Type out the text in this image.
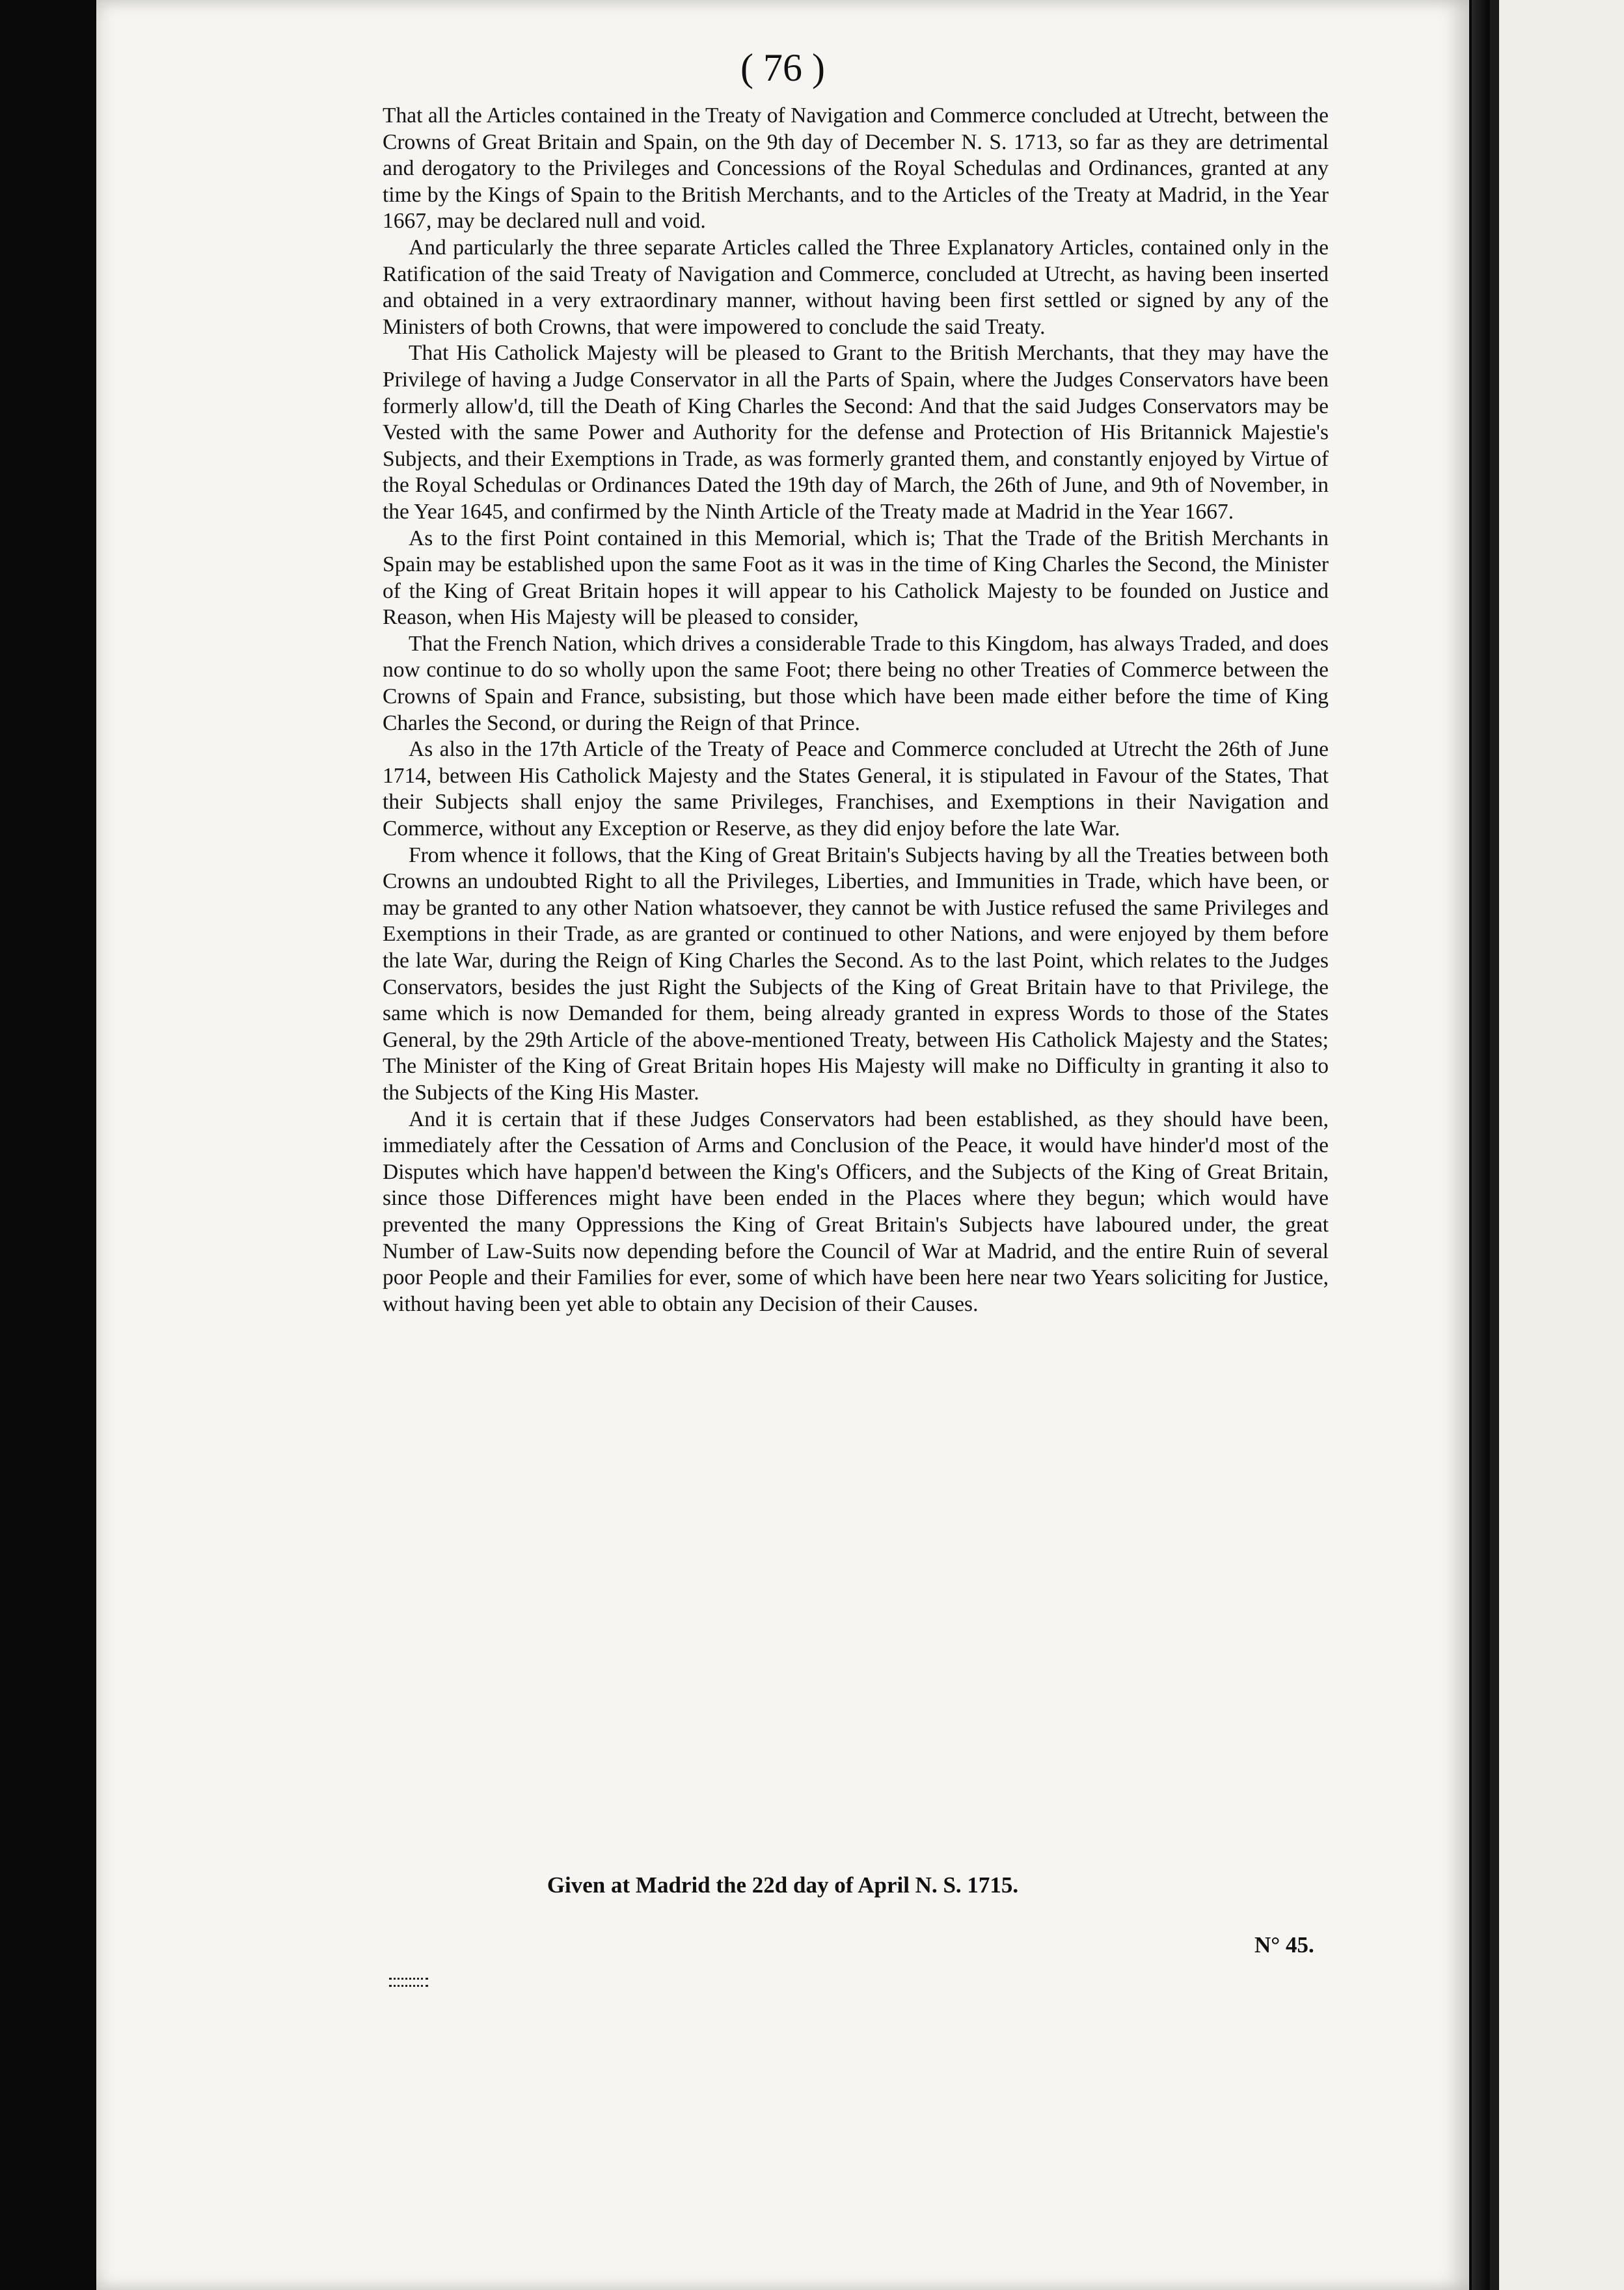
( 76 )

That all the Articles contained in the Treaty of Navigation and Commerce concluded at Utrecht, between the Crowns of Great Britain and Spain, on the 9th day of December N. S. 1713, so far as they are detrimental and derogatory to the Privileges and Concessions of the Royal Schedulas and Ordinances, granted at any time by the Kings of Spain to the British Merchants, and to the Articles of the Treaty at Madrid, in the Year 1667, may be declared null and void.

And particularly the three separate Articles called the Three Explanatory Articles, contained only in the Ratification of the said Treaty of Navigation and Commerce, concluded at Utrecht, as having been inserted and obtained in a very extraordinary manner, without having been first settled or signed by any of the Ministers of both Crowns, that were impowered to conclude the said Treaty.

That His Catholick Majesty will be pleased to Grant to the British Merchants, that they may have the Privilege of having a Judge Conservator in all the Parts of Spain, where the Judges Conservators have been formerly allow'd, till the Death of King Charles the Second: And that the said Judges Conservators may be Vested with the same Power and Authority for the defense and Protection of His Britannick Majestie's Subjects, and their Exemptions in Trade, as was formerly granted them, and constantly enjoyed by Virtue of the Royal Schedulas or Ordinances Dated the 19th day of March, the 26th of June, and 9th of November, in the Year 1645, and confirmed by the Ninth Article of the Treaty made at Madrid in the Year 1667.

As to the first Point contained in this Memorial, which is; That the Trade of the British Merchants in Spain may be established upon the same Foot as it was in the time of King Charles the Second, the Minister of the King of Great Britain hopes it will appear to his Catholick Majesty to be founded on Justice and Reason, when His Majesty will be pleased to consider,

That the French Nation, which drives a considerable Trade to this Kingdom, has always Traded, and does now continue to do so wholly upon the same Foot; there being no other Treaties of Commerce between the Crowns of Spain and France, subsisting, but those which have been made either before the time of King Charles the Second, or during the Reign of that Prince.

As also in the 17th Article of the Treaty of Peace and Commerce concluded at Utrecht the 26th of June 1714, between His Catholick Majesty and the States General, it is stipulated in Favour of the States, That their Subjects shall enjoy the same Privileges, Franchises, and Exemptions in their Navigation and Commerce, without any Exception or Reserve, as they did enjoy before the late War.

From whence it follows, that the King of Great Britain's Subjects having by all the Treaties between both Crowns an undoubted Right to all the Privileges, Liberties, and Immunities in Trade, which have been, or may be granted to any other Nation whatsoever, they cannot be with Justice refused the same Privileges and Exemptions in their Trade, as are granted or continued to other Nations, and were enjoyed by them before the late War, during the Reign of King Charles the Second. As to the last Point, which relates to the Judges Conservators, besides the just Right the Subjects of the King of Great Britain have to that Privilege, the same which is now Demanded for them, being already granted in express Words to those of the States General, by the 29th Article of the above-mentioned Treaty, between His Catholick Majesty and the States; The Minister of the King of Great Britain hopes His Majesty will make no Difficulty in granting it also to the Subjects of the King His Master.

And it is certain that if these Judges Conservators had been established, as they should have been, immediately after the Cessation of Arms and Conclusion of the Peace, it would have hinder'd most of the Disputes which have happen'd between the King's Officers, and the Subjects of the King of Great Britain, since those Differences might have been ended in the Places where they begun; which would have prevented the many Oppressions the King of Great Britain's Subjects have laboured under, the great Number of Law-Suits now depending before the Council of War at Madrid, and the entire Ruin of several poor People and their Families for ever, some of which have been here near two Years soliciting for Justice, without having been yet able to obtain any Decision of their Causes.

Given at Madrid the 22d day of April N. S. 1715.
N° 45.
